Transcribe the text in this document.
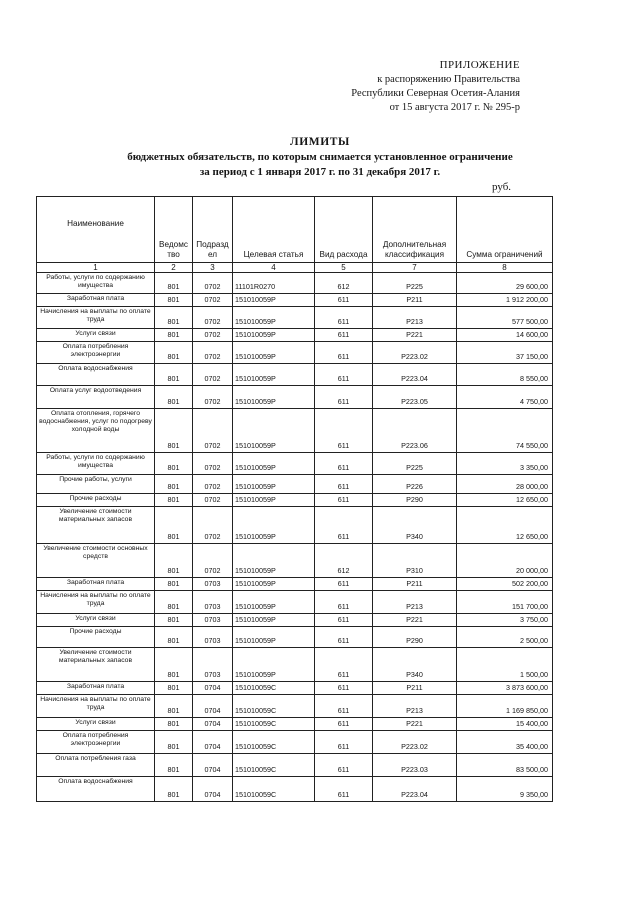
ПРИЛОЖЕНИЕ
к распоряжению Правительства
Республики Северная Осетия-Алания
от 15 августа 2017 г. № 295-р
ЛИМИТЫ
бюджетных обязательств, по которым снимается установленное ограничение
за период с 1 января 2017 г. по 31 декабря 2017 г.
руб.
Наименование	Ведомс тво	Подразд ел	Целевая статья	Вид расхода	Дополнительная классификация	Сумма ограничений
1	2	3	4	5	7	8
Работы, услуги по содержанию имущества	801	0702	11101R0270	612	P225	29 600,00
Заработная плата	801	0702	151010059P	611	P211	1 912 200,00
Начисления на выплаты по оплате труда	801	0702	151010059P	611	P213	577 500,00
Услуги связи	801	0702	151010059P	611	P221	14 600,00
Оплата потребления электроэнергии	801	0702	151010059P	611	P223.02	37 150,00
Оплата водоснабжения	801	0702	151010059P	611	P223.04	8 550,00
Оплата услуг водоотведения	801	0702	151010059P	611	P223.05	4 750,00
Оплата отопления, горячего водоснабжения, услуг по подогреву холодной воды	801	0702	151010059P	611	P223.06	74 550,00
Работы, услуги по содержанию имущества	801	0702	151010059P	611	P225	3 350,00
Прочие работы, услуги	801	0702	151010059P	611	P226	28 000,00
Прочие расходы	801	0702	151010059P	611	P290	12 650,00
Увеличение стоимости материальных запасов	801	0702	151010059P	611	P340	12 650,00
Увеличение стоимости основных средств	801	0702	151010059P	612	P310	20 000,00
Заработная плата	801	0703	151010059P	611	P211	502 200,00
Начисления на выплаты по оплате труда	801	0703	151010059P	611	P213	151 700,00
Услуги связи	801	0703	151010059P	611	P221	3 750,00
Прочие расходы	801	0703	151010059P	611	P290	2 500,00
Увеличение стоимости материальных запасов	801	0703	151010059P	611	P340	1 500,00
Заработная плата	801	0704	151010059C	611	P211	3 873 600,00
Начисления на выплаты по оплате труда	801	0704	151010059C	611	P213	1 169 850,00
Услуги связи	801	0704	151010059C	611	P221	15 400,00
Оплата потребления электроэнергии	801	0704	151010059C	611	P223.02	35 400,00
Оплата потребления газа	801	0704	151010059C	611	P223.03	83 500,00
Оплата водоснабжения	801	0704	151010059C	611	P223.04	9 350,00
